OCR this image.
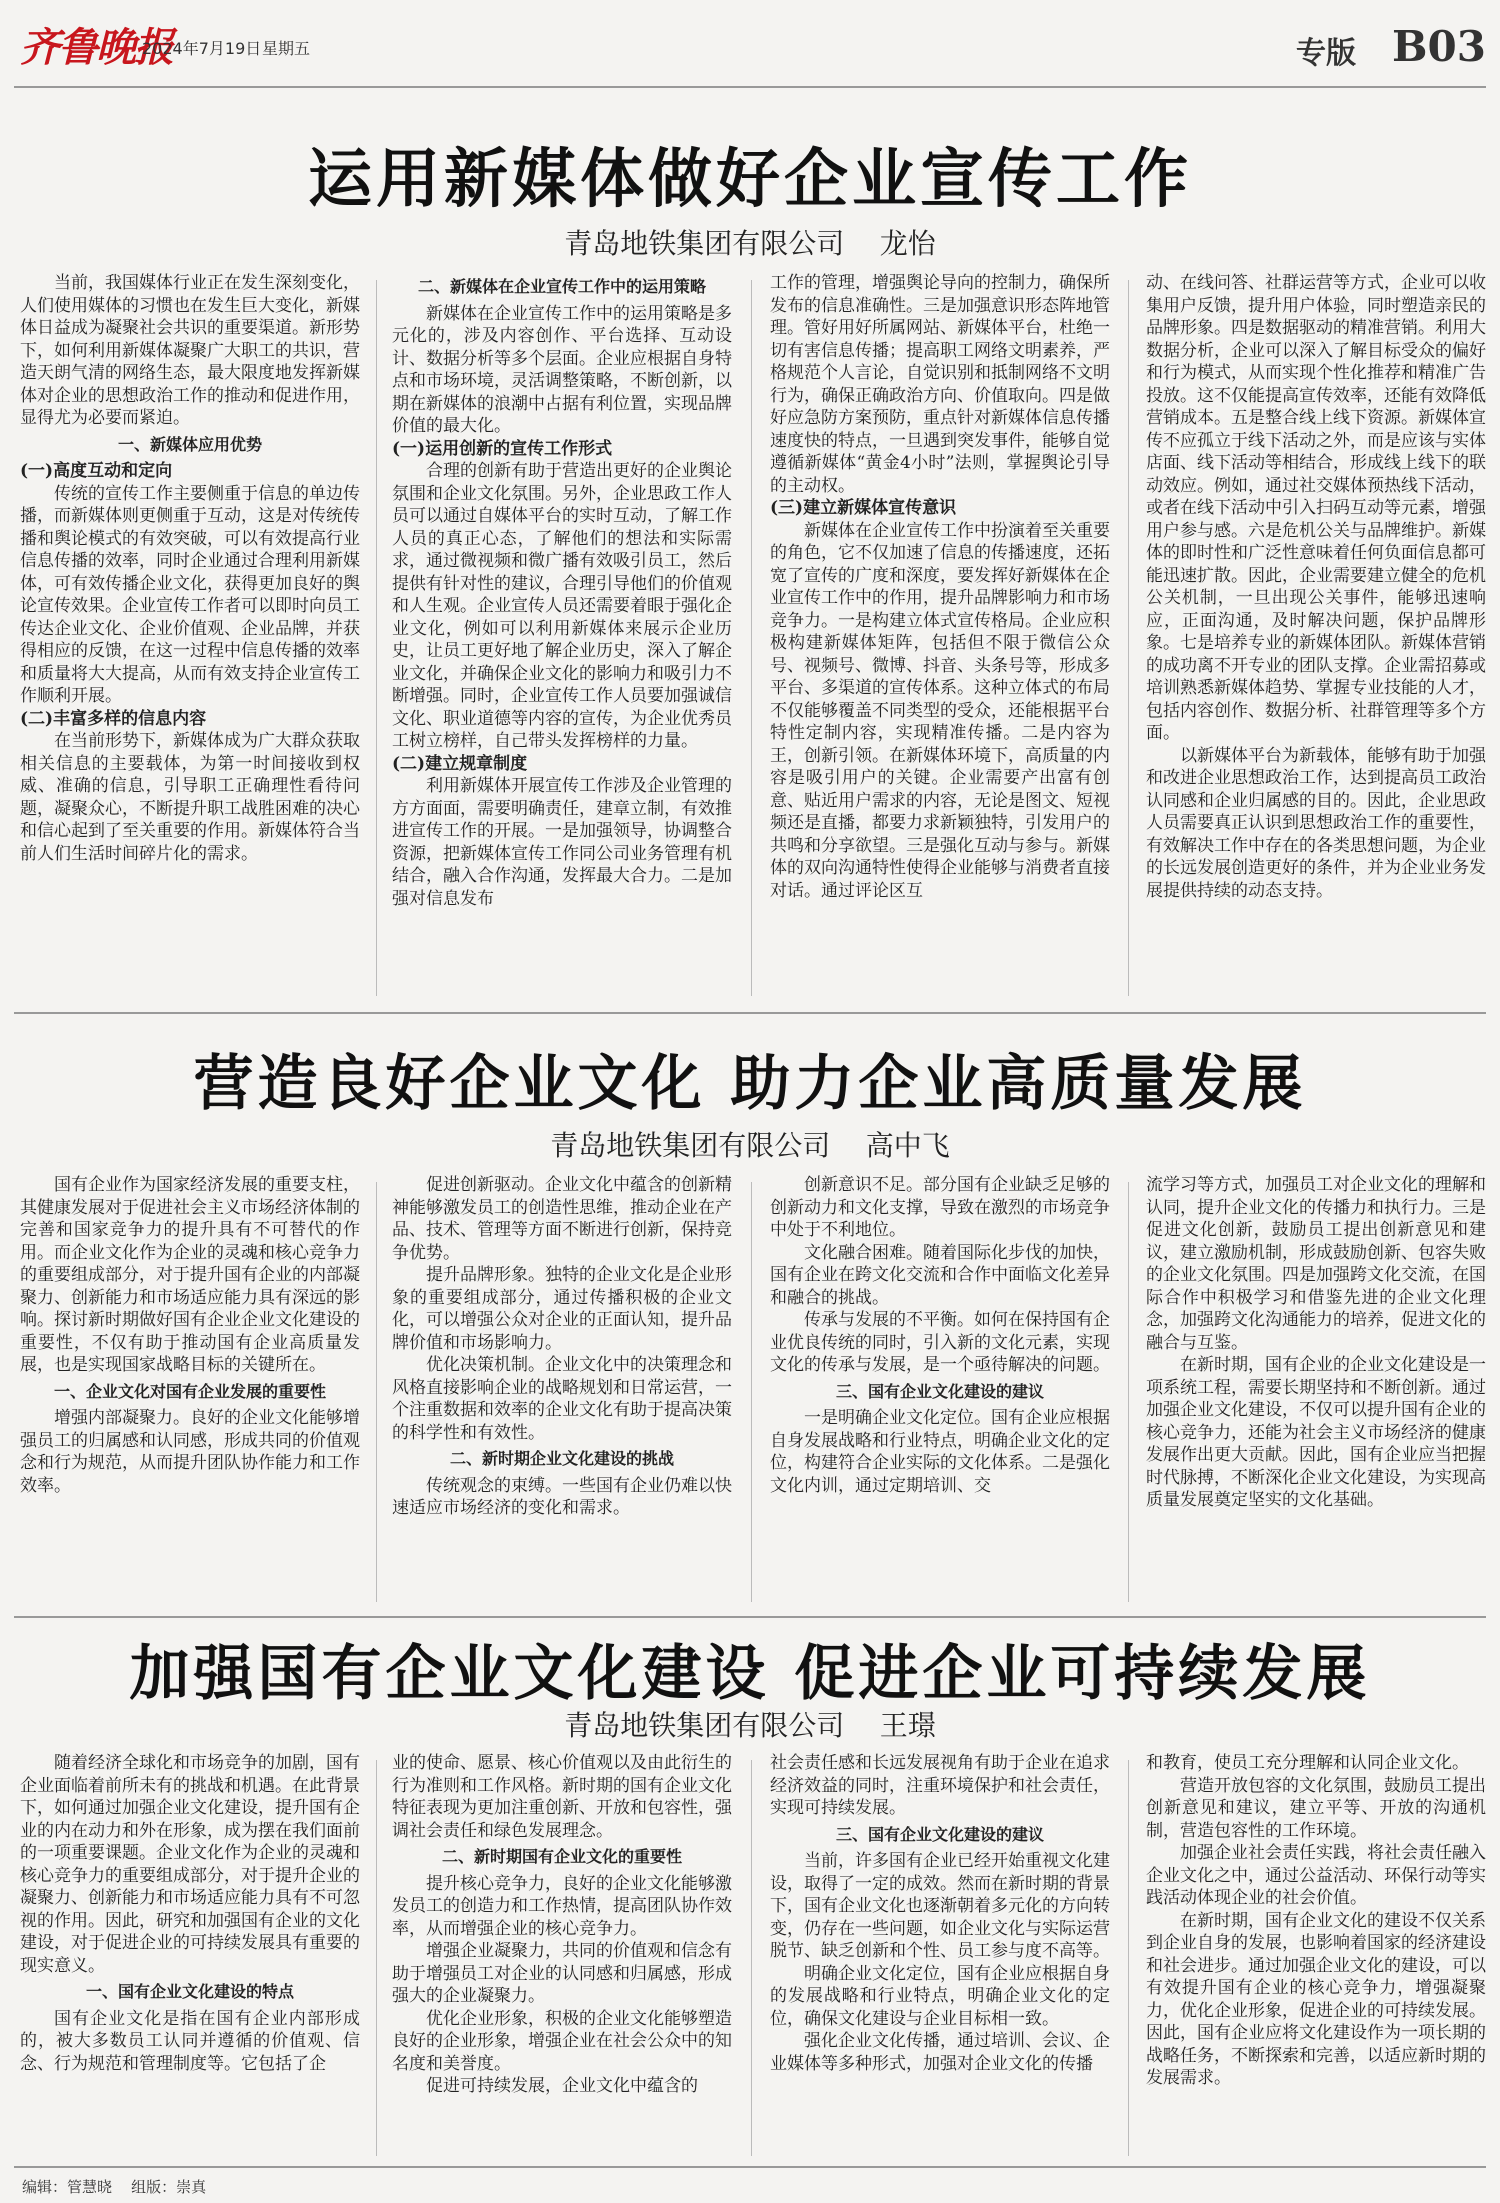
齐鲁晚报
2024年7月19日 星期五	专版 B03
运用新媒体做好企业宣传工作
青岛地铁集团有限公司    龙怡

当前，我国媒体行业正在发生深刻变化，人们使用媒体的习惯也在发生巨大变化，新媒体日益成为凝聚社会共识的重要渠道。新形势下，如何利用新媒体凝聚广大职工的共识，营造天朗气清的网络生态，最大限度地发挥新媒体对企业的思想政治工作的推动和促进作用，显得尤为必要而紧迫。

一、新媒体应用优势

(一)高度互动和定向

传统的宣传工作主要侧重于信息的单边传播，而新媒体则更侧重于互动，这是对传统传播和舆论模式的有效突破，可以有效提高行业信息传播的效率，同时企业通过合理利用新媒体，可有效传播企业文化，获得更加良好的舆论宣传效果。企业宣传工作者可以即时向员工传达企业文化、企业价值观、企业品牌，并获得相应的反馈，在这一过程中信息传播的效率和质量将大大提高，从而有效支持企业宣传工作顺利开展。

(二)丰富多样的信息内容

在当前形势下，新媒体成为广大群众获取相关信息的主要载体，为第一时间接收到权威、准确的信息，引导职工正确理性看待问题，凝聚众心，不断提升职工战胜困难的决心和信心起到了至关重要的作用。新媒体符合当前人们生活时间碎片化的需求。

二、新媒体在企业宣传工作中的运用策略

新媒体在企业宣传工作中的运用策略是多元化的，涉及内容创作、平台选择、互动设计、数据分析等多个层面。企业应根据自身特点和市场环境，灵活调整策略，不断创新，以期在新媒体的浪潮中占据有利位置，实现品牌价值的最大化。

(一)运用创新的宣传工作形式

合理的创新有助于营造出更好的企业舆论氛围和企业文化氛围。另外，企业思政工作人员可以通过自媒体平台的实时互动，了解工作人员的真正心态，了解他们的想法和实际需求，通过微视频和微广播有效吸引员工，然后提供有针对性的建议，合理引导他们的价值观和人生观。企业宣传人员还需要着眼于强化企业文化，例如可以利用新媒体来展示企业历史，让员工更好地了解企业历史，深入了解企业文化，并确保企业文化的影响力和吸引力不断增强。同时，企业宣传工作人员要加强诚信文化、职业道德等内容的宣传，为企业优秀员工树立榜样，自己带头发挥榜样的力量。

(二)建立规章制度

利用新媒体开展宣传工作涉及企业管理的方方面面，需要明确责任，建章立制，有效推进宣传工作的开展。一是加强领导，协调整合资源，把新媒体宣传工作同公司业务管理有机结合，融入合作沟通，发挥最大合力。二是加强对信息发布

工作的管理，增强舆论导向的控制力，确保所发布的信息准确性。三是加强意识形态阵地管理。管好用好所属网站、新媒体平台，杜绝一切有害信息传播；提高职工网络文明素养，严格规范个人言论，自觉识别和抵制网络不文明行为，确保正确政治方向、价值取向。四是做好应急防方案预防，重点针对新媒体信息传播速度快的特点，一旦遇到突发事件，能够自觉遵循新媒体“黄金4小时”法则，掌握舆论引导的主动权。

(三)建立新媒体宣传意识

新媒体在企业宣传工作中扮演着至关重要的角色，它不仅加速了信息的传播速度，还拓宽了宣传的广度和深度，要发挥好新媒体在企业宣传工作中的作用，提升品牌影响力和市场竞争力。一是构建立体式宣传格局。企业应积极构建新媒体矩阵，包括但不限于微信公众号、视频号、微博、抖音、头条号等，形成多平台、多渠道的宣传体系。这种立体式的布局不仅能够覆盖不同类型的受众，还能根据平台特性定制内容，实现精准传播。二是内容为王，创新引领。在新媒体环境下，高质量的内容是吸引用户的关键。企业需要产出富有创意、贴近用户需求的内容，无论是图文、短视频还是直播，都要力求新颖独特，引发用户的共鸣和分享欲望。三是强化互动与参与。新媒体的双向沟通特性使得企业能够与消费者直接对话。通过评论区互

动、在线问答、社群运营等方式，企业可以收集用户反馈，提升用户体验，同时塑造亲民的品牌形象。四是数据驱动的精准营销。利用大数据分析，企业可以深入了解目标受众的偏好和行为模式，从而实现个性化推荐和精准广告投放。这不仅能提高宣传效率，还能有效降低营销成本。五是整合线上线下资源。新媒体宣传不应孤立于线下活动之外，而是应该与实体店面、线下活动等相结合，形成线上线下的联动效应。例如，通过社交媒体预热线下活动，或者在线下活动中引入扫码互动等元素，增强用户参与感。六是危机公关与品牌维护。新媒体的即时性和广泛性意味着任何负面信息都可能迅速扩散。因此，企业需要建立健全的危机公关机制，一旦出现公关事件，能够迅速响应，正面沟通，及时解决问题，保护品牌形象。七是培养专业的新媒体团队。新媒体营销的成功离不开专业的团队支撑。企业需招募或培训熟悉新媒体趋势、掌握专业技能的人才，包括内容创作、数据分析、社群管理等多个方面。

以新媒体平台为新载体，能够有助于加强和改进企业思想政治工作，达到提高员工政治认同感和企业归属感的目的。因此，企业思政人员需要真正认识到思想政治工作的重要性，有效解决工作中存在的各类思想问题，为企业的长远发展创造更好的条件，并为企业业务发展提供持续的动态支持。

营造良好企业文化 助力企业高质量发展
青岛地铁集团有限公司    高中飞

国有企业作为国家经济发展的重要支柱，其健康发展对于促进社会主义市场经济体制的完善和国家竞争力的提升具有不可替代的作用。而企业文化作为企业的灵魂和核心竞争力的重要组成部分，对于提升国有企业的内部凝聚力、创新能力和市场适应能力具有深远的影响。探讨新时期做好国有企业企业文化建设的重要性，不仅有助于推动国有企业高质量发展，也是实现国家战略目标的关键所在。

一、企业文化对国有企业发展的重要性

增强内部凝聚力。良好的企业文化能够增强员工的归属感和认同感，形成共同的价值观念和行为规范，从而提升团队协作能力和工作效率。

促进创新驱动。企业文化中蕴含的创新精神能够激发员工的创造性思维，推动企业在产品、技术、管理等方面不断进行创新，保持竞争优势。

提升品牌形象。独特的企业文化是企业形象的重要组成部分，通过传播积极的企业文化，可以增强公众对企业的正面认知，提升品牌价值和市场影响力。

优化决策机制。企业文化中的决策理念和风格直接影响企业的战略规划和日常运营，一个注重数据和效率的企业文化有助于提高决策的科学性和有效性。

二、新时期企业文化建设的挑战

传统观念的束缚。一些国有企业仍难以快速适应市场经济的变化和需求。

创新意识不足。部分国有企业缺乏足够的创新动力和文化支撑，导致在激烈的市场竞争中处于不利地位。

文化融合困难。随着国际化步伐的加快，国有企业在跨文化交流和合作中面临文化差异和融合的挑战。

传承与发展的不平衡。如何在保持国有企业优良传统的同时，引入新的文化元素，实现文化的传承与发展，是一个亟待解决的问题。

三、国有企业文化建设的建议

一是明确企业文化定位。国有企业应根据自身发展战略和行业特点，明确企业文化的定位，构建符合企业实际的文化体系。二是强化文化内训，通过定期培训、交

流学习等方式，加强员工对企业文化的理解和认同，提升企业文化的传播力和执行力。三是促进文化创新，鼓励员工提出创新意见和建议，建立激励机制，形成鼓励创新、包容失败的企业文化氛围。四是加强跨文化交流，在国际合作中积极学习和借鉴先进的企业文化理念，加强跨文化沟通能力的培养，促进文化的融合与互鉴。

在新时期，国有企业的企业文化建设是一项系统工程，需要长期坚持和不断创新。通过加强企业文化建设，不仅可以提升国有企业的核心竞争力，还能为社会主义市场经济的健康发展作出更大贡献。因此，国有企业应当把握时代脉搏，不断深化企业文化建设，为实现高质量发展奠定坚实的文化基础。

加强国有企业文化建设 促进企业可持续发展
青岛地铁集团有限公司    王璟

随着经济全球化和市场竞争的加剧，国有企业面临着前所未有的挑战和机遇。在此背景下，如何通过加强企业文化建设，提升国有企业的内在动力和外在形象，成为摆在我们面前的一项重要课题。企业文化作为企业的灵魂和核心竞争力的重要组成部分，对于提升企业的凝聚力、创新能力和市场适应能力具有不可忽视的作用。因此，研究和加强国有企业的文化建设，对于促进企业的可持续发展具有重要的现实意义。

一、国有企业文化建设的特点

国有企业文化是指在国有企业内部形成的，被大多数员工认同并遵循的价值观、信念、行为规范和管理制度等。它包括了企

业的使命、愿景、核心价值观以及由此衍生的行为准则和工作风格。新时期的国有企业文化特征表现为更加注重创新、开放和包容性，强调社会责任和绿色发展理念。

二、新时期国有企业文化的重要性

提升核心竞争力，良好的企业文化能够激发员工的创造力和工作热情，提高团队协作效率，从而增强企业的核心竞争力。

增强企业凝聚力，共同的价值观和信念有助于增强员工对企业的认同感和归属感，形成强大的企业凝聚力。

优化企业形象，积极的企业文化能够塑造良好的企业形象，增强企业在社会公众中的知名度和美誉度。

促进可持续发展，企业文化中蕴含的

社会责任感和长远发展视角有助于企业在追求经济效益的同时，注重环境保护和社会责任，实现可持续发展。

三、国有企业文化建设的建议

当前，许多国有企业已经开始重视文化建设，取得了一定的成效。然而在新时期的背景下，国有企业文化也逐渐朝着多元化的方向转变，仍存在一些问题，如企业文化与实际运营脱节、缺乏创新和个性、员工参与度不高等。

明确企业文化定位，国有企业应根据自身的发展战略和行业特点，明确企业文化的定位，确保文化建设与企业目标相一致。

强化企业文化传播，通过培训、会议、企业媒体等多种形式，加强对企业文化的传播

和教育，使员工充分理解和认同企业文化。

营造开放包容的文化氛围，鼓励员工提出创新意见和建议，建立平等、开放的沟通机制，营造包容性的工作环境。

加强企业社会责任实践，将社会责任融入企业文化之中，通过公益活动、环保行动等实践活动体现企业的社会价值。

在新时期，国有企业文化的建设不仅关系到企业自身的发展，也影响着国家的经济建设和社会进步。通过加强企业文化的建设，可以有效提升国有企业的核心竞争力，增强凝聚力，优化企业形象，促进企业的可持续发展。因此，国有企业应将文化建设作为一项长期的战略任务，不断探索和完善，以适应新时期的发展需求。

编辑：管慧晓    组版：崇真
